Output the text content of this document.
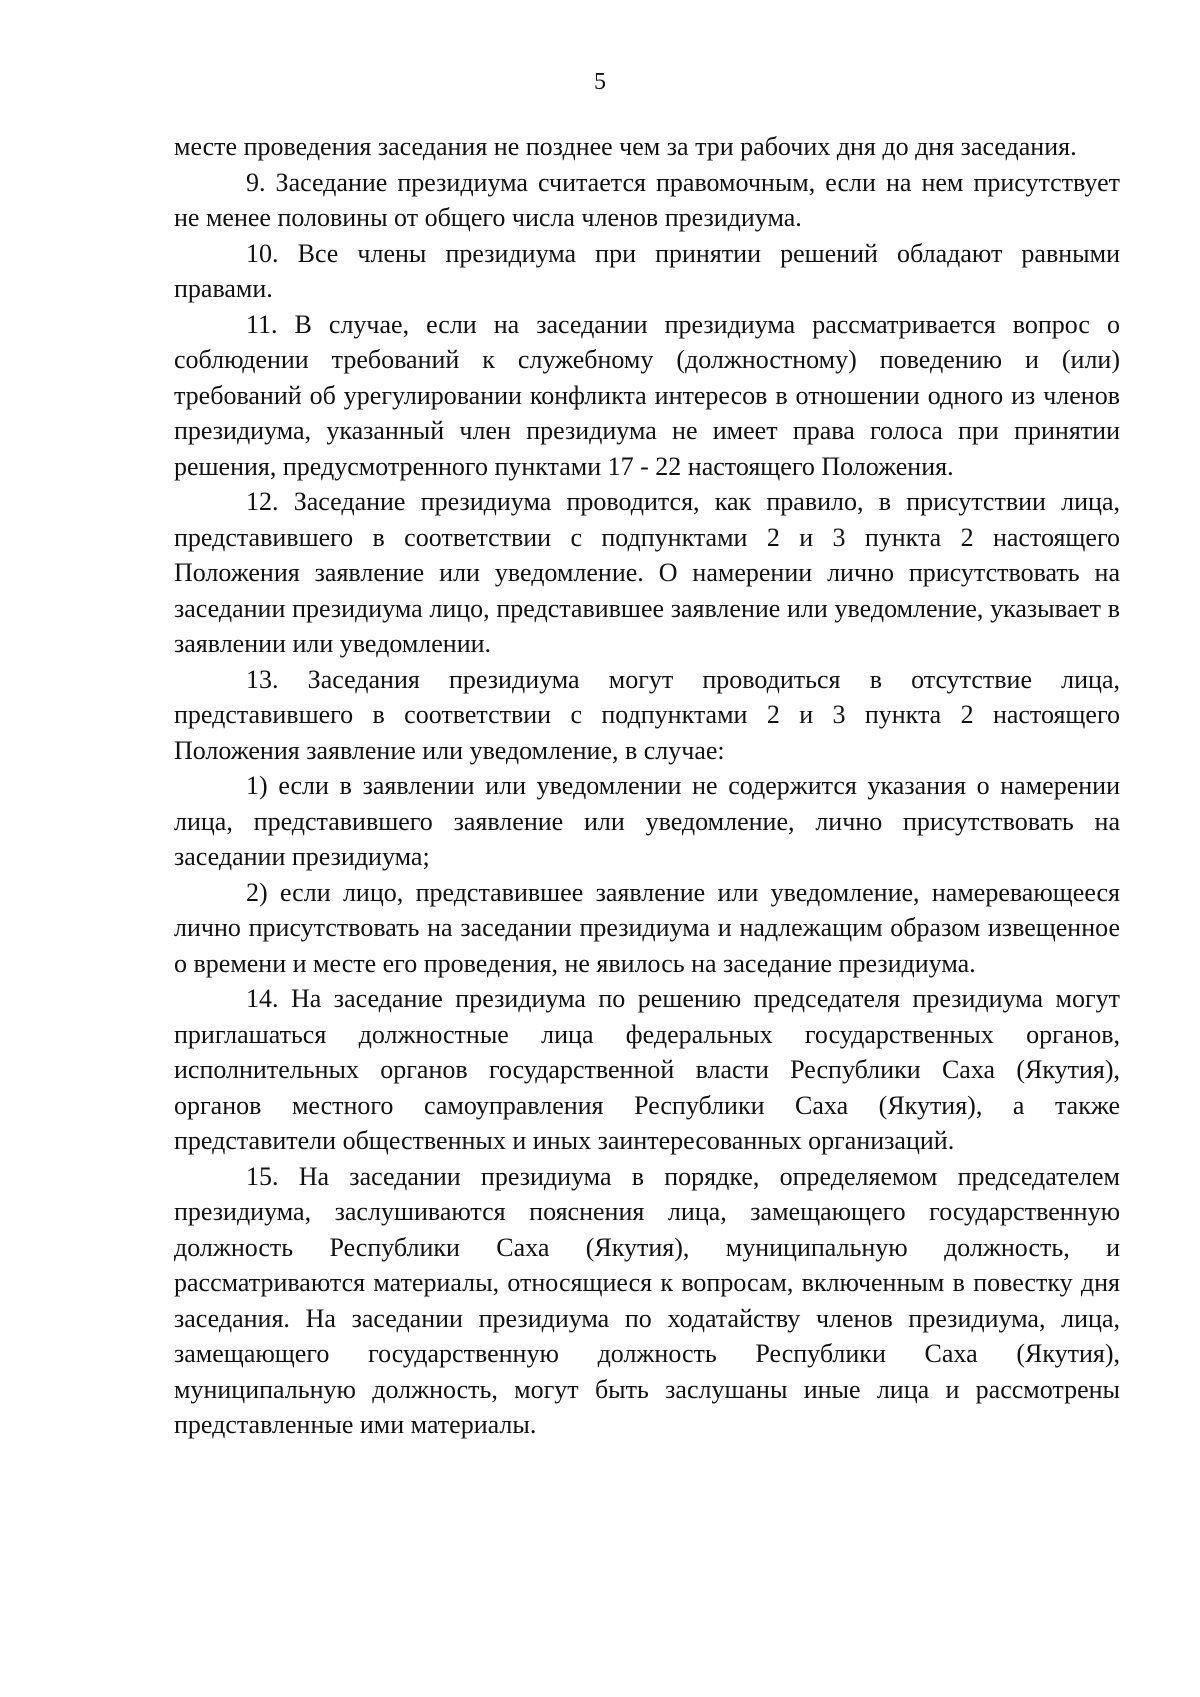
5

месте проведения заседания не позднее чем за три рабочих дня до дня заседания.

9. Заседание президиума считается правомочным, если на нем присутствует не менее половины от общего числа членов президиума.

10. Все члены президиума при принятии решений обладают равными правами.

11. В случае, если на заседании президиума рассматривается вопрос о соблюдении требований к служебному (должностному) поведению и (или) требований об урегулировании конфликта интересов в отношении одного из членов президиума, указанный член президиума не имеет права голоса при принятии решения, предусмотренного пунктами 17 - 22 настоящего Положения.

12. Заседание президиума проводится, как правило, в присутствии лица, представившего в соответствии с подпунктами 2 и 3 пункта 2 настоящего Положения заявление или уведомление. О намерении лично присутствовать на заседании президиума лицо, представившее заявление или уведомление, указывает в заявлении или уведомлении.

13. Заседания президиума могут проводиться в отсутствие лица, представившего в соответствии с подпунктами 2 и 3 пункта 2 настоящего Положения заявление или уведомление, в случае:

1) если в заявлении или уведомлении не содержится указания о намерении лица, представившего заявление или уведомление, лично присутствовать на заседании президиума;

2) если лицо, представившее заявление или уведомление, намеревающееся лично присутствовать на заседании президиума и надлежащим образом извещенное о времени и месте его проведения, не явилось на заседание президиума.

14. На заседание президиума по решению председателя президиума могут приглашаться должностные лица федеральных государственных органов, исполнительных органов государственной власти Республики Саха (Якутия), органов местного самоуправления Республики Саха (Якутия), а также представители общественных и иных заинтересованных организаций.

15. На заседании президиума в порядке, определяемом председателем президиума, заслушиваются пояснения лица, замещающего государственную должность Республики Саха (Якутия), муниципальную должность, и рассматриваются материалы, относящиеся к вопросам, включенным в повестку дня заседания. На заседании президиума по ходатайству членов президиума, лица, замещающего государственную должность Республики Саха (Якутия), муниципальную должность, могут быть заслушаны иные лица и рассмотрены представленные ими материалы.
